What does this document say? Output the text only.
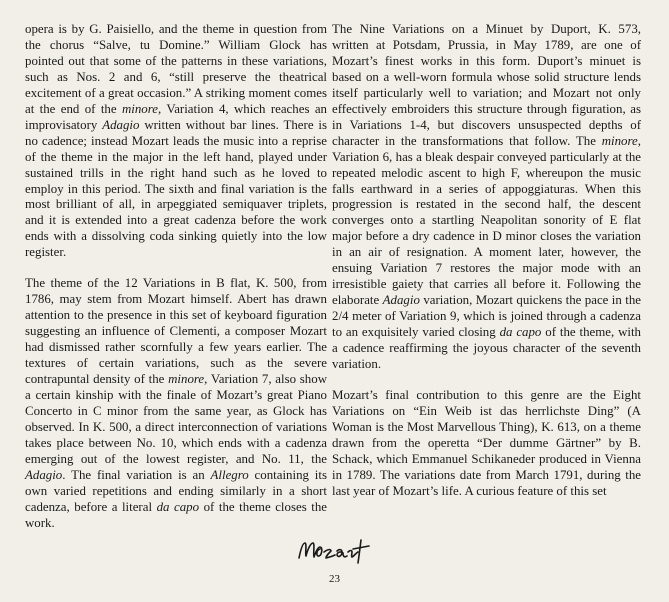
opera is by G. Paisiello, and the theme in question from the chorus “Salve, tu Domine.” William Glock has pointed out that some of the patterns in these variations, such as Nos. 2 and 6, “still preserve the theatrical excitement of a great occasion.” A striking moment comes at the end of the minore, Variation 4, which reaches an improvisatory Adagio written without bar lines. There is no cadence; instead Mozart leads the music into a reprise of the theme in the major in the left hand, played under sustained trills in the right hand such as he loved to employ in this period. The sixth and final variation is the most brilliant of all, in arpeggiated semiquaver triplets, and it is extended into a great cadenza before the work ends with a dissolving coda sinking quietly into the low register.

The theme of the 12 Variations in B flat, K. 500, from 1786, may stem from Mozart himself. Abert has drawn attention to the presence in this set of keyboard figuration suggesting an influence of Clementi, a composer Mozart had dismissed rather scornfully a few years earlier. The textures of certain variations, such as the severe contrapuntal density of the minore, Variation 7, also show a certain kinship with the finale of Mozart’s great Piano Concerto in C minor from the same year, as Glock has observed. In K. 500, a direct interconnection of variations takes place between No. 10, which ends with a cadenza emerging out of the lowest register, and No. 11, the Adagio. The final variation is an Allegro containing its own varied repetitions and ending similarly in a short cadenza, before a literal da capo of the theme closes the work.

The Nine Variations on a Minuet by Duport, K. 573, written at Potsdam, Prussia, in May 1789, are one of Mozart’s finest works in this form. Duport’s minuet is based on a well-worn formula whose solid structure lends itself particularly well to variation; and Mozart not only effectively embroiders this structure through figuration, as in Variations 1-4, but discovers unsuspected depths of character in the transformations that follow. The minore, Variation 6, has a bleak despair conveyed particularly at the repeated melodic ascent to high F, whereupon the music falls earthward in a series of appoggiaturas. When this progression is restated in the second half, the descent converges onto a startling Neapolitan sonority of E flat major before a dry cadence in D minor closes the variation in an air of resignation. A moment later, however, the ensuing Variation 7 restores the major mode with an irresistible gaiety that carries all before it. Following the elaborate Adagio variation, Mozart quickens the pace in the 2/4 meter of Variation 9, which is joined through a cadenza to an exquisitely varied closing da capo of the theme, with a cadence reaffirming the joyous character of the seventh variation.

Mozart’s final contribution to this genre are the Eight Variations on “Ein Weib ist das herrlichste Ding” (A Woman is the Most Marvellous Thing), K. 613, on a theme drawn from the operetta “Der dumme Gärtner” by B. Schack, which Emmanuel Schikaneder produced in Vienna in 1789. The variations date from March 1791, during the last year of Mozart’s life. A curious feature of this set

23
